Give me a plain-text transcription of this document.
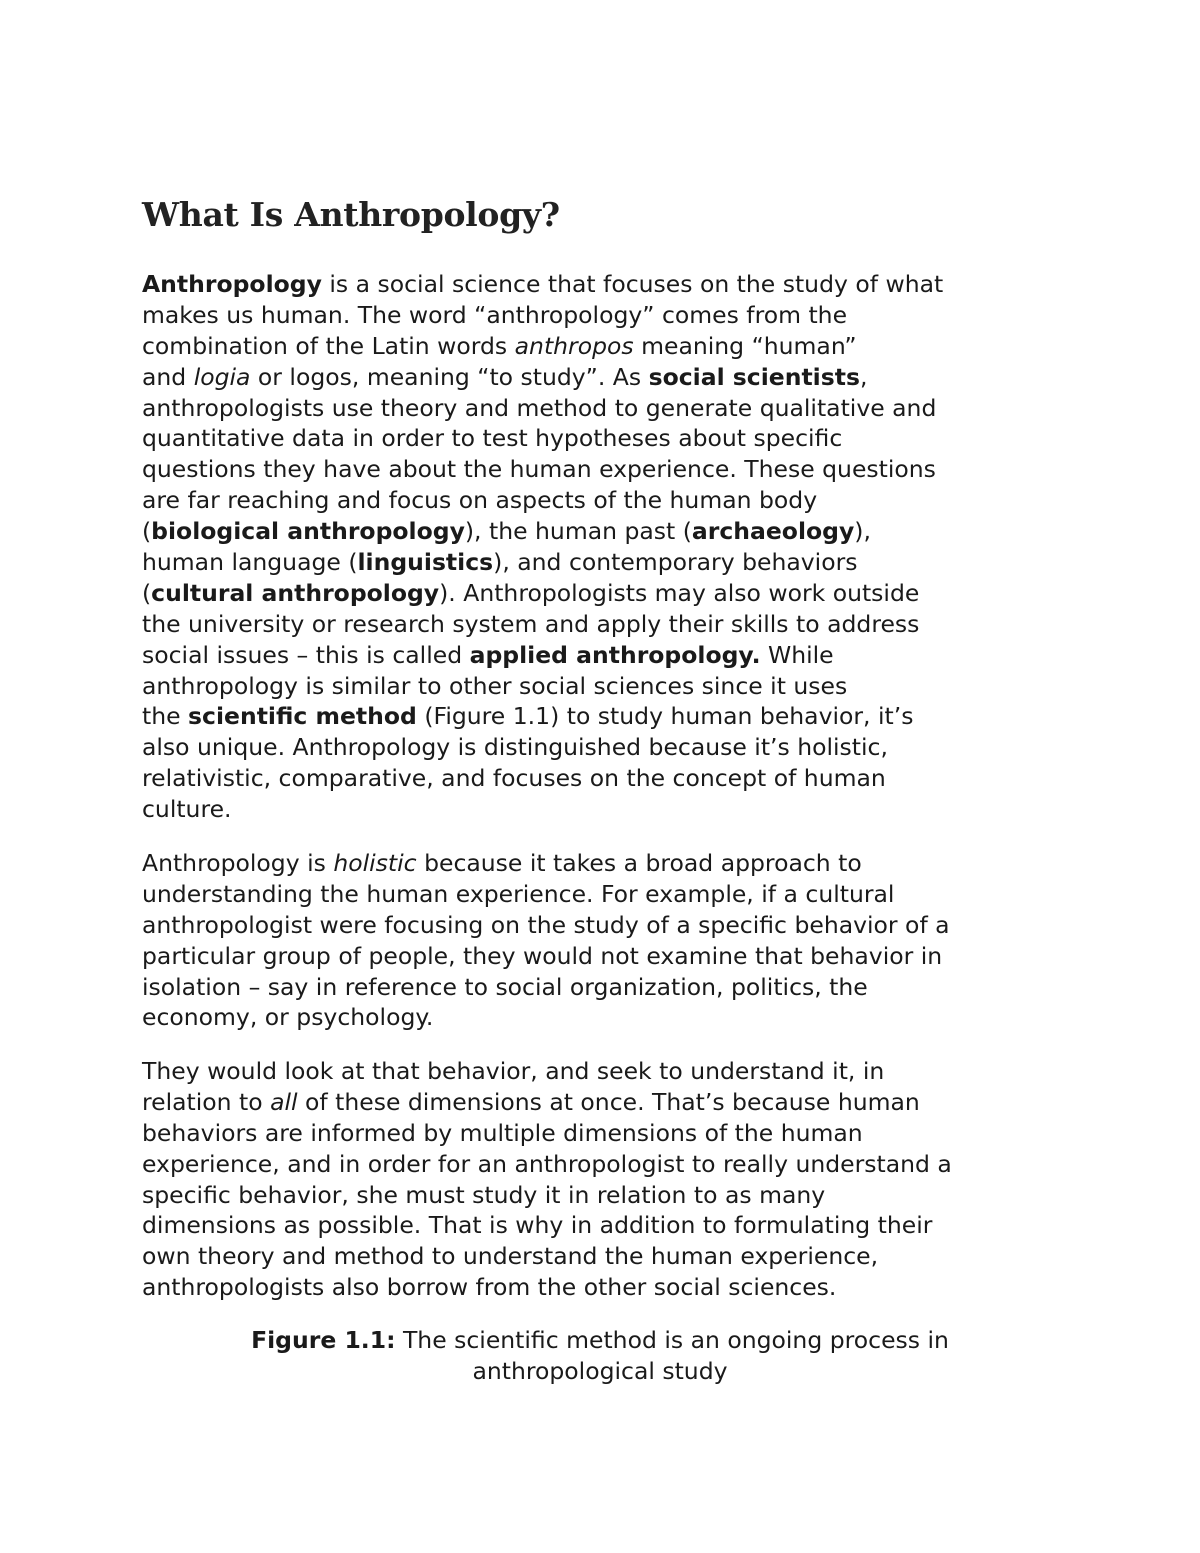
What Is Anthropology?

Anthropology is a social science that focuses on the study of what
makes us human. The word “anthropology” comes from the
combination of the Latin words anthropos meaning “human”
and logia or logos, meaning “to study”. As social scientists,
anthropologists use theory and method to generate qualitative and
quantitative data in order to test hypotheses about specific
questions they have about the human experience. These questions
are far reaching and focus on aspects of the human body
(biological anthropology), the human past (archaeology),
human language (linguistics), and contemporary behaviors
(cultural anthropology). Anthropologists may also work outside
the university or research system and apply their skills to address
social issues – this is called applied anthropology. While
anthropology is similar to other social sciences since it uses
the scientific method (Figure 1.1) to study human behavior, it’s
also unique. Anthropology is distinguished because it’s holistic,
relativistic, comparative, and focuses on the concept of human
culture.

Anthropology is holistic because it takes a broad approach to
understanding the human experience. For example, if a cultural
anthropologist were focusing on the study of a specific behavior of a
particular group of people, they would not examine that behavior in
isolation – say in reference to social organization, politics, the
economy, or psychology.

They would look at that behavior, and seek to understand it, in
relation to all of these dimensions at once. That’s because human
behaviors are informed by multiple dimensions of the human
experience, and in order for an anthropologist to really understand a
specific behavior, she must study it in relation to as many
dimensions as possible. That is why in addition to formulating their
own theory and method to understand the human experience,
anthropologists also borrow from the other social sciences.

Figure 1.1: The scientific method is an ongoing process in
anthropological study
